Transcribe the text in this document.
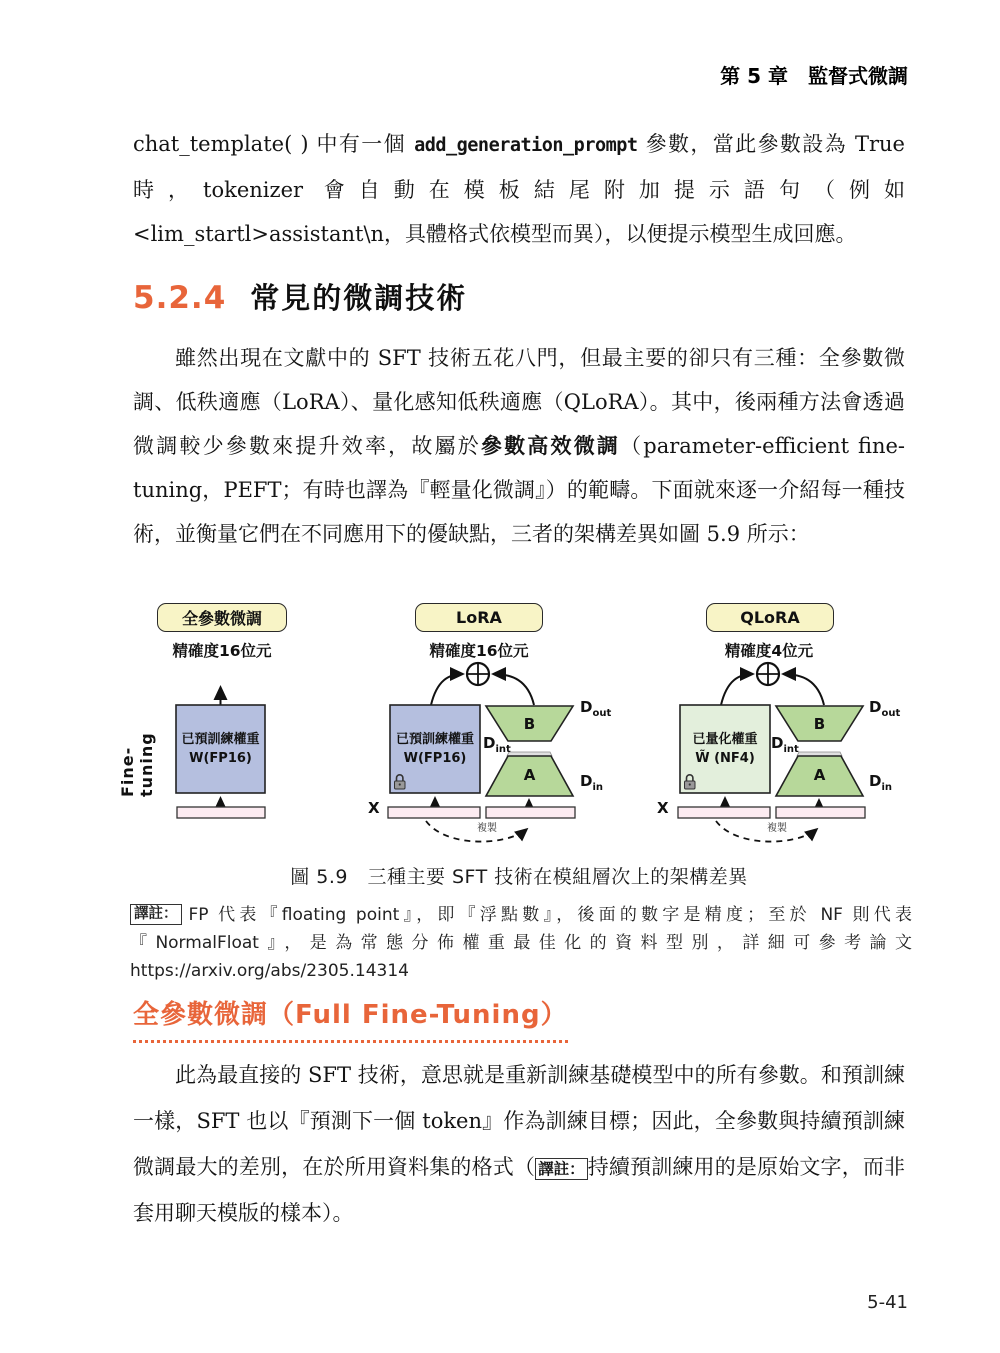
第 5 章　監督式微調

chat_template( ) 中有一個 add_generation_prompt 參數，當此參數設為 True 時，tokenizer 會自動在模板結尾附加提示語句（例如 <lim_startl>assistant\n，具體格式依模型而異），以便提示模型生成回應。

5.2.4 常見的微調技術

雖然出現在文獻中的 SFT 技術五花八門，但最主要的卻只有三種：全參數微調、低秩適應（LoRA）、量化感知低秩適應（QLoRA）。其中，後兩種方法會透過微調較少參數來提升效率，故屬於參數高效微調（parameter-efficient fine-tuning，PEFT；有時也譯為『輕量化微調』）的範疇。下面就來逐一介紹每一種技術，並衡量它們在不同應用下的優缺點，三者的架構差異如圖 5.9 所示：

全參數微調
精確度16位元
Fine-tuning 已預訓練權重
W(FP16)
LoRA
精確度16位元
已預訓練權重
W(FP16)
B
A
$D_{out}$
$D_{int}$
$D_{in}$
X
複製
QLoRA
精確度4位元
已量化權重
W̃ (NF4)
B
A
$D_{out}$
$D_{int}$
$D_{in}$
X
複製
圖 5.9　三種主要 SFT 技術在模組層次上的架構差異

譯註： FP 代表『floating point』，即『浮點數』，後面的數字是精度；至於 NF 則代表『NormalFloat』，是為常態分佈權重最佳化的資料型別，詳細可參考論文 https://arxiv.org/abs/2305.14314

全參數微調（Full Fine-Tuning）

此為最直接的 SFT 技術，意思就是重新訓練基礎模型中的所有參數。和預訓練一樣，SFT 也以『預測下一個 token』作為訓練目標；因此，全參數與持續預訓練微調最大的差別，在於所用資料集的格式（ 譯註： 持續預訓練用的是原始文字，而非套用聊天模版的樣本）。

5-41
